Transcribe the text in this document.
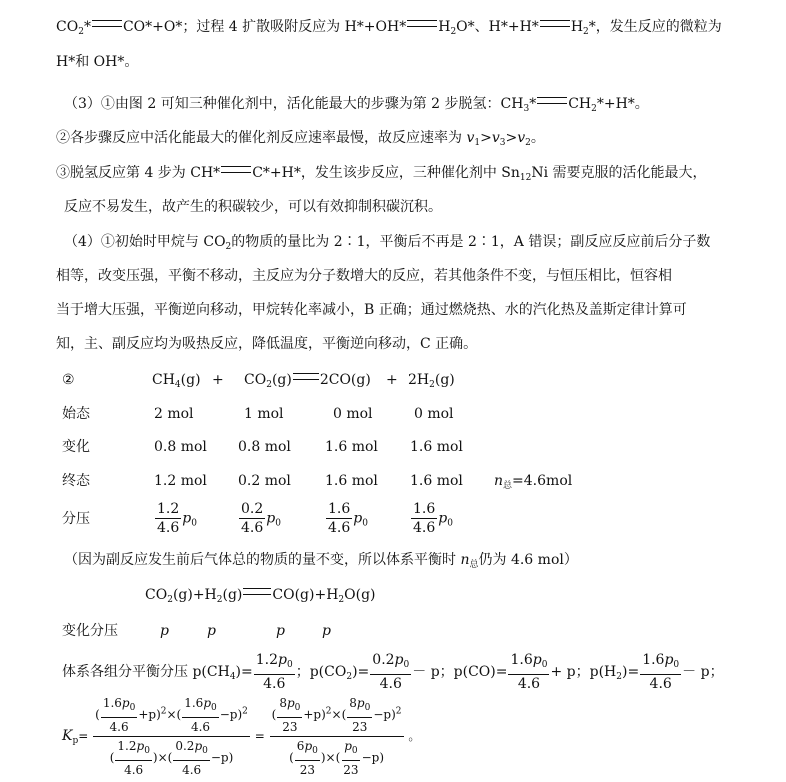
$CO_2*$ CO*+O*；过程 4 扩散吸附反应为 H*+OH* $H_2O*$、H*+H* $H_2*$，发生反应的微粒为
H*和 OH*。
（3）①由图 2 可知三种催化剂中，活化能最大的步骤为第 2 步脱氢：$CH_3*$ $CH_2*+H*$。
②各步骤反应中活化能最大的催化剂反应速率最慢，故反应速率为 $v_1>v_3>v_2$。
③脱氢反应第 4 步为 CH* C*+H*，发生该步反应，三种催化剂中 $Sn_{12}Ni$ 需要克服的活化能最大，
反应不易发生，故产生的积碳较少，可以有效抑制积碳沉积。
（4）①初始时甲烷与 $CO_2$的物质的量比为 2∶1，平衡后不再是 2∶1，A 错误；副反应反应前后分子数
相等，改变压强，平衡不移动，主反应为分子数增大的反应，若其他条件不变，与恒压相比，恒容相
当于增大压强，平衡逆向移动，甲烷转化率减小，B 正确；通过燃烧热、水的汽化热及盖斯定律计算可
知，主、副反应均为吸热反应，降低温度，平衡逆向移动，C 正确。
②	$CH_4(g) + CO_2(g) 2CO(g) + 2H_2(g)$
始态	2 mol	1 mol	0 mol	0 mol
变化	0.8 mol 0.8 mol 1.6 mol 1.6 mol
终态	1.2 mol 0.2 mol 1.6 mol 1.6 mol $n_总=4.6mol$
分压	$\frac{1.2}{4.6} p_0$	$\frac{0.2}{4.6} p_0$	$\frac{1.6}{4.6} p_0$	$\frac{1.6}{4.6} p_0$
（因为副反应发生前后气体总的物质的量不变，所以体系平衡时 $n_总$仍为 4.6 mol）
$CO_2(g)+H_2(g)$ $CO(g)+H_2O(g)$
变化分压	p	p	p	p
体系各组分平衡分压 $p(CH_4)= \frac{1.2p_0}{4.6}$ ；$p(CO_2)= \frac{0.2p_0}{4.6} - p$；$p(CO)= \frac{1.6p_0}{4.6} + p$；$p(H_2)= \frac{1.6p_0}{4.6} - p$；
$K_p= \frac{( \frac{1.6p_0}{4.6} +p)^2\times( \frac{1.6p_0}{4.6} -p)^2}{( \frac{1.2p_0}{4.6} )\times( \frac{0.2p_0}{4.6} -p)} = \frac{( \frac{8p_0}{23} +p)^2\times( \frac{8p_0}{23} -p)^2}{( \frac{6p_0}{23} )\times( \frac{p_0}{23} -p)}$ 。
